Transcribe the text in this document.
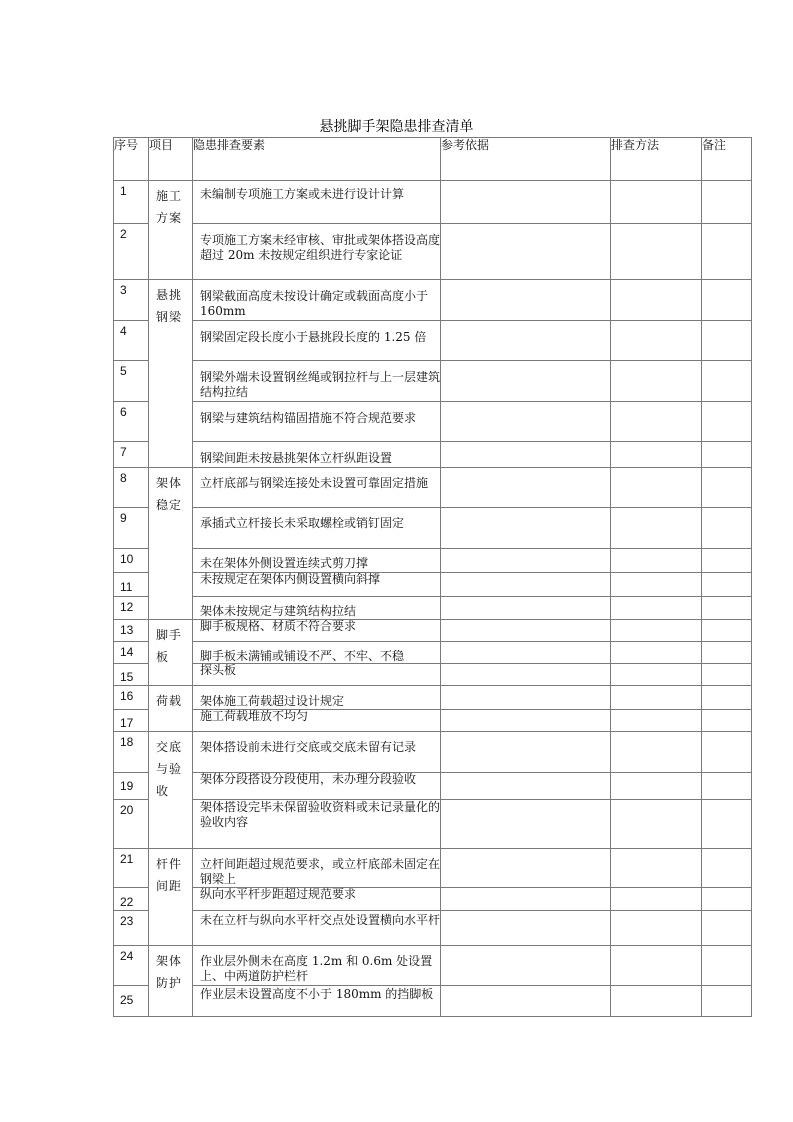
悬挑脚手架隐患排查清单
序号	项目	隐患排查要素	参考依据	排查方法	备注
1	施工方案	未编制专项施工方案或未进行设计计算			

2		专项施工方案未经审核、审批或架体搭设高度超过 20m 未按规定组织进行专家论证			

3	悬挑钢梁	钢梁截面高度未按设计确定或载面高度小于 160mm			

4		钢梁固定段长度小于悬挑段长度的 1.25 倍			

5		钢梁外端未设置钢丝绳或钢拉杆与上一层建筑结构拉结			

6		钢梁与建筑结构锚固措施不符合规范要求			

7		钢梁间距未按悬挑架体立杆纵距设置			

8	架体稳定	立杆底部与钢梁连接处未设置可靠固定措施			

9		承插式立杆接长未采取螺栓或销钉固定			

10		未在架体外侧设置连续式剪刀撑			

11		未按规定在架体内侧设置横向斜撑			

12		架体未按规定与建筑结构拉结			

13	脚手板	脚手板规格、材质不符合要求			

14		脚手板未满铺或铺设不严、不牢、不稳			

15		探头板			

16	荷载	架体施工荷载超过设计规定			

17		施工荷载堆放不均匀			

18	交底与验收	架体搭设前未进行交底或交底未留有记录			

19		架体分段搭设分段使用，未办理分段验收			

20		架体搭设完毕未保留验收资料或未记录量化的验收内容			

21	杆件间距	立杆间距超过规范要求，或立杆底部未固定在钢梁上			

22		纵向水平杆步距超过规范要求			

23		未在立杆与纵向水平杆交点处设置横向水平杆			

24	架体防护	作业层外侧未在高度 1.2m 和 0.6m 处设置上、中两道防护栏杆			

25		作业层未设置高度不小于 180mm 的挡脚板			
